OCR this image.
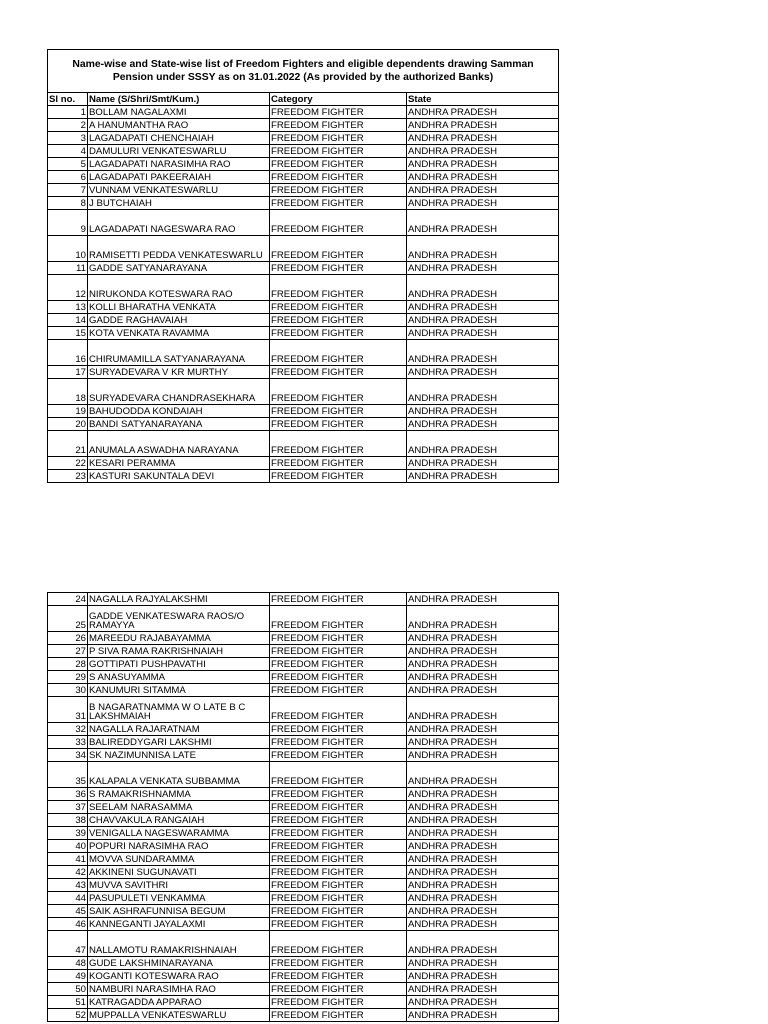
Name-wise and State-wise list of Freedom Fighters and eligible dependents drawing Samman Pension under SSSY as on 31.01.2022 (As provided by the authorized Banks)			
Sl no.	Name (S/Shri/Smt/Kum.)	Category	State
1	BOLLAM NAGALAXMI	FREEDOM FIGHTER	ANDHRA PRADESH
2	A HANUMANTHA RAO	FREEDOM FIGHTER	ANDHRA PRADESH
3	LAGADAPATI CHENCHAIAH	FREEDOM FIGHTER	ANDHRA PRADESH
4	DAMULURI VENKATESWARLU	FREEDOM FIGHTER	ANDHRA PRADESH
5	LAGADAPATI NARASIMHA RAO	FREEDOM FIGHTER	ANDHRA PRADESH
6	LAGADAPATI PAKEERAIAH	FREEDOM FIGHTER	ANDHRA PRADESH
7	VUNNAM VENKATESWARLU	FREEDOM FIGHTER	ANDHRA PRADESH
8	J BUTCHAIAH	FREEDOM FIGHTER	ANDHRA PRADESH
9	LAGADAPATI NAGESWARA RAO	FREEDOM FIGHTER	ANDHRA PRADESH
10	RAMISETTI PEDDA VENKATESWARLU	FREEDOM FIGHTER	ANDHRA PRADESH
11	GADDE SATYANARAYANA	FREEDOM FIGHTER	ANDHRA PRADESH
12	NIRUKONDA KOTESWARA RAO	FREEDOM FIGHTER	ANDHRA PRADESH
13	KOLLI BHARATHA VENKATA	FREEDOM FIGHTER	ANDHRA PRADESH
14	GADDE RAGHAVAIAH	FREEDOM FIGHTER	ANDHRA PRADESH
15	KOTA VENKATA RAVAMMA	FREEDOM FIGHTER	ANDHRA PRADESH
16	CHIRUMAMILLA SATYANARAYANA	FREEDOM FIGHTER	ANDHRA PRADESH
17	SURYADEVARA V KR MURTHY	FREEDOM FIGHTER	ANDHRA PRADESH
18	SURYADEVARA CHANDRASEKHARA	FREEDOM FIGHTER	ANDHRA PRADESH
19	BAHUDODDA KONDAIAH	FREEDOM FIGHTER	ANDHRA PRADESH
20	BANDI SATYANARAYANA	FREEDOM FIGHTER	ANDHRA PRADESH
21	ANUMALA ASWADHA NARAYANA	FREEDOM FIGHTER	ANDHRA PRADESH
22	KESARI PERAMMA	FREEDOM FIGHTER	ANDHRA PRADESH
23	KASTURI SAKUNTALA DEVI	FREEDOM FIGHTER	ANDHRA PRADESH
24	NAGALLA RAJYALAKSHMI	FREEDOM FIGHTER	ANDHRA PRADESH
25	GADDE VENKATESWARA RAOS/O RAMAYYA	FREEDOM FIGHTER	ANDHRA PRADESH
26	MAREEDU RAJABAYAMMA	FREEDOM FIGHTER	ANDHRA PRADESH
27	P SIVA RAMA RAKRISHNAIAH	FREEDOM FIGHTER	ANDHRA PRADESH
28	GOTTIPATI PUSHPAVATHI	FREEDOM FIGHTER	ANDHRA PRADESH
29	S ANASUYAMMA	FREEDOM FIGHTER	ANDHRA PRADESH
30	KANUMURI SITAMMA	FREEDOM FIGHTER	ANDHRA PRADESH
31	B NAGARATNAMMA W O LATE B C LAKSHMAIAH	FREEDOM FIGHTER	ANDHRA PRADESH
32	NAGALLA RAJARATNAM	FREEDOM FIGHTER	ANDHRA PRADESH
33	BALIREDDYGARI LAKSHMI	FREEDOM FIGHTER	ANDHRA PRADESH
34	SK NAZIMUNNISA LATE	FREEDOM FIGHTER	ANDHRA PRADESH
35	KALAPALA VENKATA SUBBAMMA	FREEDOM FIGHTER	ANDHRA PRADESH
36	S RAMAKRISHNAMMA	FREEDOM FIGHTER	ANDHRA PRADESH
37	SEELAM NARASAMMA	FREEDOM FIGHTER	ANDHRA PRADESH
38	CHAVVAKULA RANGAIAH	FREEDOM FIGHTER	ANDHRA PRADESH
39	VENIGALLA NAGESWARAMMA	FREEDOM FIGHTER	ANDHRA PRADESH
40	POPURI NARASIMHA RAO	FREEDOM FIGHTER	ANDHRA PRADESH
41	MOVVA SUNDARAMMA	FREEDOM FIGHTER	ANDHRA PRADESH
42	AKKINENI SUGUNAVATI	FREEDOM FIGHTER	ANDHRA PRADESH
43	MUVVA SAVITHRI	FREEDOM FIGHTER	ANDHRA PRADESH
44	PASUPULETI VENKAMMA	FREEDOM FIGHTER	ANDHRA PRADESH
45	SAIK ASHRAFUNNISA BEGUM	FREEDOM FIGHTER	ANDHRA PRADESH
46	KANNEGANTI JAYALAXMI	FREEDOM FIGHTER	ANDHRA PRADESH
47	NALLAMOTU RAMAKRISHNAIAH	FREEDOM FIGHTER	ANDHRA PRADESH
48	GUDE LAKSHMINARAYANA	FREEDOM FIGHTER	ANDHRA PRADESH
49	KOGANTI KOTESWARA RAO	FREEDOM FIGHTER	ANDHRA PRADESH
50	NAMBURI NARASIMHA RAO	FREEDOM FIGHTER	ANDHRA PRADESH
51	KATRAGADDA APPARAO	FREEDOM FIGHTER	ANDHRA PRADESH
52	MUPPALLA VENKATESWARLU	FREEDOM FIGHTER	ANDHRA PRADESH
